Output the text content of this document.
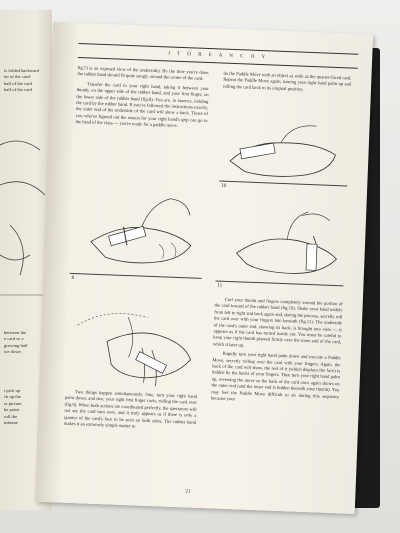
is folded backward
ter of the card-
half of the card
half of the card
between the
e card so a
growing half
ice down
t pick up
ck up the
er picture
ke point
roll the
mbrane
I T O R E A N C O Y

fig.7) is an exposed view of the underside). By the time you're done, the rubber band should fit quite snugly around the center of the card.

Transfer the card to your right hand, taking it between your thumb, on the upper side of the rubber band, and your first finger, on the lower side of the rubber band (fig.8). You are, in essence, holding the card by the rubber band. If you've followed the instructions exactly, the outer end of the underside of the card will show a back. Those of you who've figured out the reason for your right hand's grip can go to the head of the class — you're ready for a paddle move.

8

Two things happen simultaneously. One, turn your right hand palm down, and two, your right first finger curls, rolling the card over (fig.9). When both actions are coordinated perfectly, the spectators will not see the card turn over, and it truly appears as if there is only a quarter of the card's face to be seen on both sides. The rubber band makes it an extremely simple matter to

do the Paddle Move with an object as wide as the quarter-faced card. Repeat the Paddle Move again, turning your right hand palm up and rolling the card back to its original position.

10
11

Curl your thumb and fingers completely around the portion of the card toward of the rubber band (fig.10). Shake your hand widely from left to right and back again and, during the process, secretly roll the card over with your fingers into beneath (fig.11). The underside of the card's outer end, showing its back, is brought into view — it appears as if the card has turned inside out. You must be careful to keep your right thumb planted firmly over the inner end of the card, which it later up.

Rapidly turn your right hand palm down and execute a Paddle Move, secretly rolling over the card with your fingers. Again, the back of the card will show, the rest of it (which displays the face) is hidden by the backs of your fingers. Then turn your right hand palm up, reversing the move so the back of the card once again shows on the outer end (and the inner end is hidden beneath your thumb). You may feel the Paddle Move difficult to do during this sequence because your

21
